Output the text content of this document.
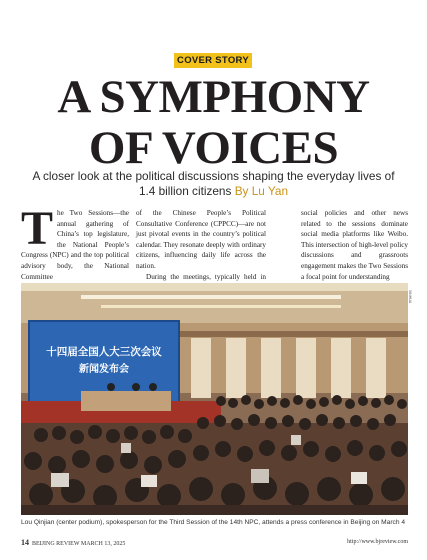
COVER STORY
A SYMPHONY
OF VOICES

A closer look at the political discussions shaping the everyday lives of 1.4 billion citizens By Lu Yan

The Two Sessions—the annual gathering of China’s top legislature, the National People’s Congress (NPC) and the top political advisory body, the National Committee

of the Chinese People’s Political Consultative Conference (CPPCC)—are not just pivotal events in the country’s political calendar. They resonate deeply with ordinary citizens, influencing daily life across the nation.
During the meetings, typically held in

social policies and other news related to the sessions dominate social media platforms like Weibo. This intersection of high-level policy discussions and grassroots engagement makes the Two Sessions a focal point for understanding

十四届全国人大三次会议
新闻发布会
XINHUA

Lou Qinjian (center podium), spokesperson for the Third Session of the 14th NPC, attends a press conference in Beijing on March 4

14 BEIJING REVIEW MARCH 13, 2025	http://www.bjreview.com
